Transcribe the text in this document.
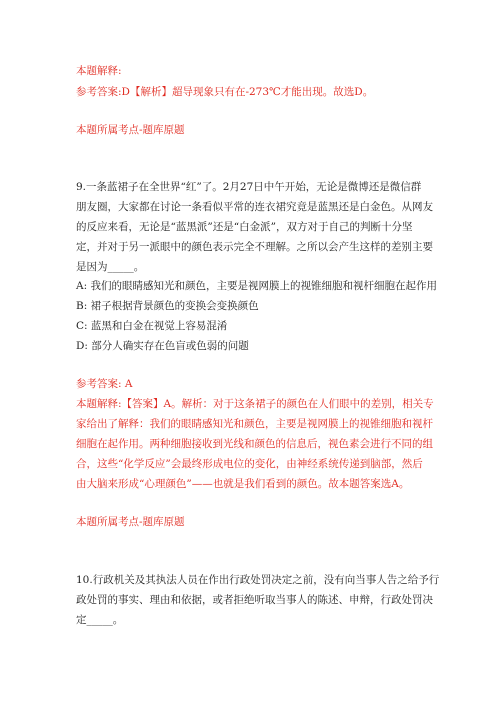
本题解释:
参考答案:D【解析】超导现象只有在-273℃才能出现。故选D。
本题所属考点-题库原题
9.一条蓝裙子在全世界“红”了。2月27日中午开始，无论是微博还是微信群
朋友圈，大家都在讨论一条看似平常的连衣裙究竟是蓝黑还是白金色。从网友
的反应来看，无论是“蓝黑派”还是“白金派”，双方对于自己的判断十分坚
定，并对于另一派眼中的颜色表示完全不理解。之所以会产生这样的差别主要
是因为_____。
A: 我们的眼睛感知光和颜色，主要是视网膜上的视锥细胞和视杆细胞在起作用
B: 裙子根据背景颜色的变换会变换颜色
C: 蓝黑和白金在视觉上容易混淆
D: 部分人确实存在色盲或色弱的问题
参考答案: A
本题解释:【答案】A。解析：对于这条裙子的颜色在人们眼中的差别，相关专
家给出了解释：我们的眼睛感知光和颜色，主要是视网膜上的视锥细胞和视杆
细胞在起作用。两种细胞接收到光线和颜色的信息后，视色素会进行不同的组
合，这些“化学反应”会最终形成电位的变化，由神经系统传递到脑部，然后
由大脑来形成“心理颜色”——也就是我们看到的颜色。故本题答案选A。
本题所属考点-题库原题
10.行政机关及其执法人员在作出行政处罚决定之前，没有向当事人告之给予行
政处罚的事实、理由和依据，或者拒绝听取当事人的陈述、申辩，行政处罚决
定_____。
